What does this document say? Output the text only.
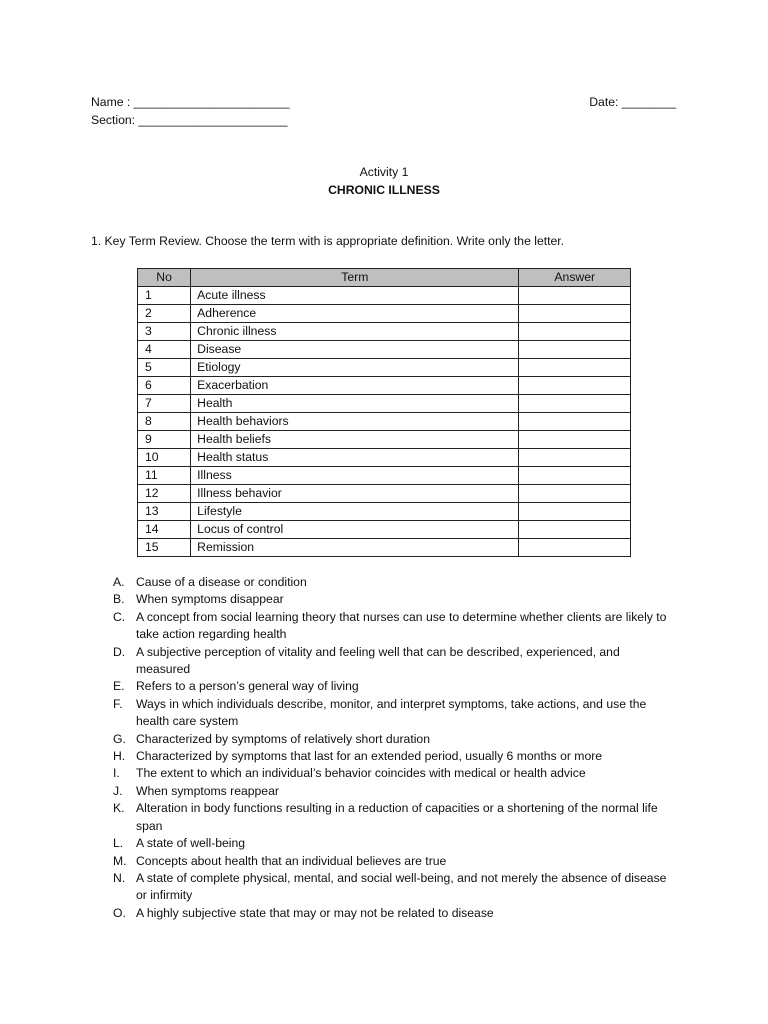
Name : _______________________	Date: ________
Section: ______________________
Activity 1
CHRONIC ILLNESS
1. Key Term Review. Choose the term with is appropriate definition. Write only the letter.
No	Term	Answer
1	Acute illness	
2	Adherence	
3	Chronic illness	
4	Disease	
5	Etiology	
6	Exacerbation	
7	Health	
8	Health behaviors	
9	Health beliefs	
10	Health status	
11	Illness	
12	Illness behavior	
13	Lifestyle	
14	Locus of control	
15	Remission	
A. Cause of a disease or condition
B. When symptoms disappear
C. A concept from social learning theory that nurses can use to determine whether clients are likely to take action regarding health
D. A subjective perception of vitality and feeling well that can be described, experienced, and measured
E. Refers to a person’s general way of living
F.	Ways in which individuals describe, monitor, and interpret symptoms, take actions, and use the health care system
G. Characterized by symptoms of relatively short duration
H. Characterized by symptoms that last for an extended period, usually 6 months or more
I.	The extent to which an individual’s behavior coincides with medical or health advice
J.	When symptoms reappear
K. Alteration in body functions resulting in a reduction of capacities or a shortening of the normal life span
L.	A state of well-being
M. Concepts about health that an individual believes are true
N. A state of complete physical, mental, and social well-being, and not merely the absence of disease or infirmity
O. A highly subjective state that may or may not be related to disease
